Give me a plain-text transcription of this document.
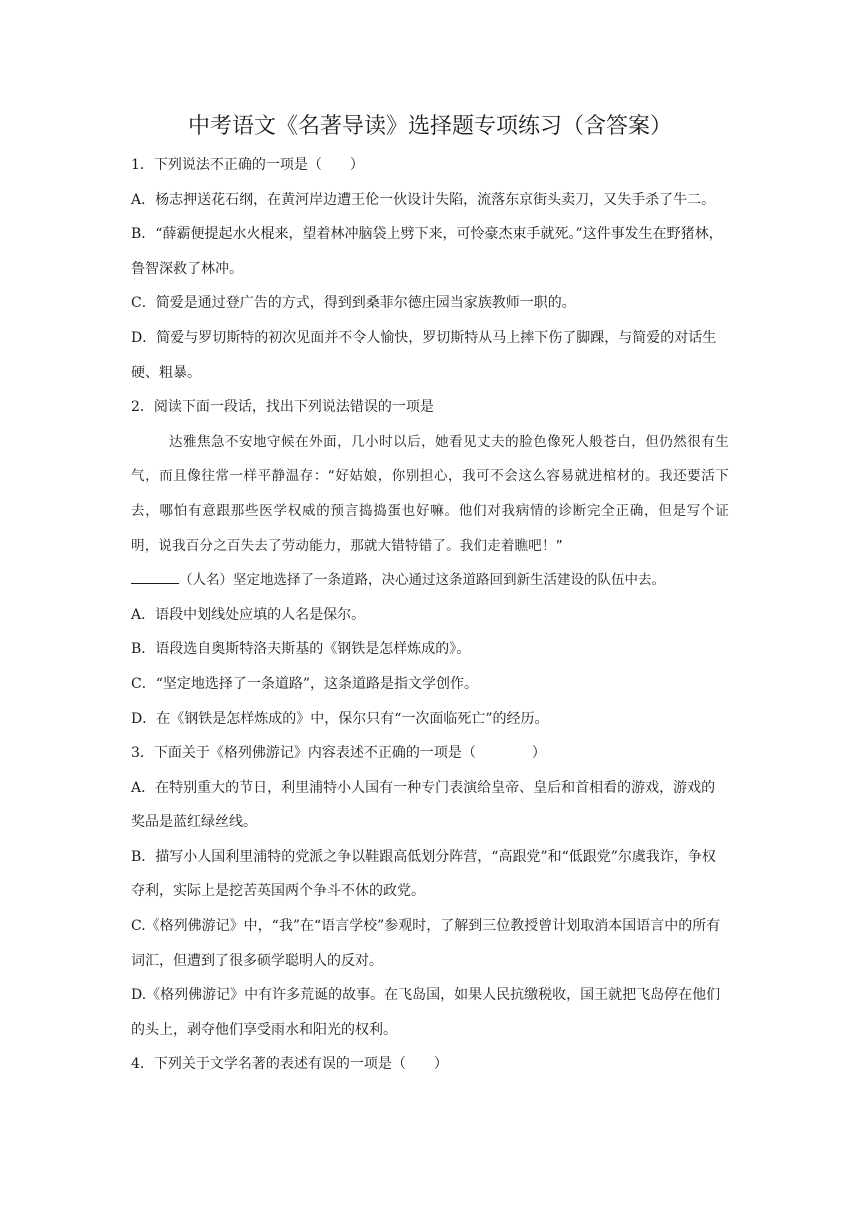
中考语文《名著导读》选择题专项练习（含答案）

1．下列说法不正确的一项是（　　）

A．杨志押送花石纲，在黄河岸边遭王伦一伙设计失陷，流落东京街头卖刀，又失手杀了牛二。

B．“薛霸便提起水火棍来，望着林冲脑袋上劈下来，可怜豪杰束手就死。”这件事发生在野猪林，鲁智深救了林冲。

C．简爱是通过登广告的方式，得到到桑菲尔德庄园当家族教师一职的。

D．简爱与罗切斯特的初次见面并不令人愉快，罗切斯特从马上摔下伤了脚踝，与简爱的对话生硬、粗暴。

2．阅读下面一段话，找出下列说法错误的一项是

达雅焦急不安地守候在外面，几小时以后，她看见丈夫的脸色像死人般苍白，但仍然很有生气，而且像往常一样平静温存：“好姑娘，你别担心，我可不会这么容易就进棺材的。我还要活下去，哪怕有意跟那些医学权威的预言捣捣蛋也好嘛。他们对我病情的诊断完全正确，但是写个证明，说我百分之百失去了劳动能力，那就大错特错了。我们走着瞧吧！”

（人名）坚定地选择了一条道路，决心通过这条道路回到新生活建设的队伍中去。

A．语段中划线处应填的人名是保尔。

B．语段选自奥斯特洛夫斯基的《钢铁是怎样炼成的》。

C．“坚定地选择了一条道路”，这条道路是指文学创作。

D．在《钢铁是怎样炼成的》中，保尔只有“一次面临死亡”的经历。

3．下面关于《格列佛游记》内容表述不正确的一项是（　　　　）

A．在特别重大的节日，利里浦特小人国有一种专门表演给皇帝、皇后和首相看的游戏，游戏的奖品是蓝红绿丝线。

B．描写小人国利里浦特的党派之争以鞋跟高低划分阵营，“高跟党”和“低跟党”尔虞我诈，争权夺利，实际上是挖苦英国两个争斗不休的政党。

C.《格列佛游记》中，“我”在“语言学校”参观时，了解到三位教授曾计划取消本国语言中的所有词汇，但遭到了很多硕学聪明人的反对。

D.《格列佛游记》中有许多荒诞的故事。在飞岛国，如果人民抗缴税收，国王就把飞岛停在他们的头上，剥夺他们享受雨水和阳光的权利。

4．下列关于文学名著的表述有误的一项是（　　）
